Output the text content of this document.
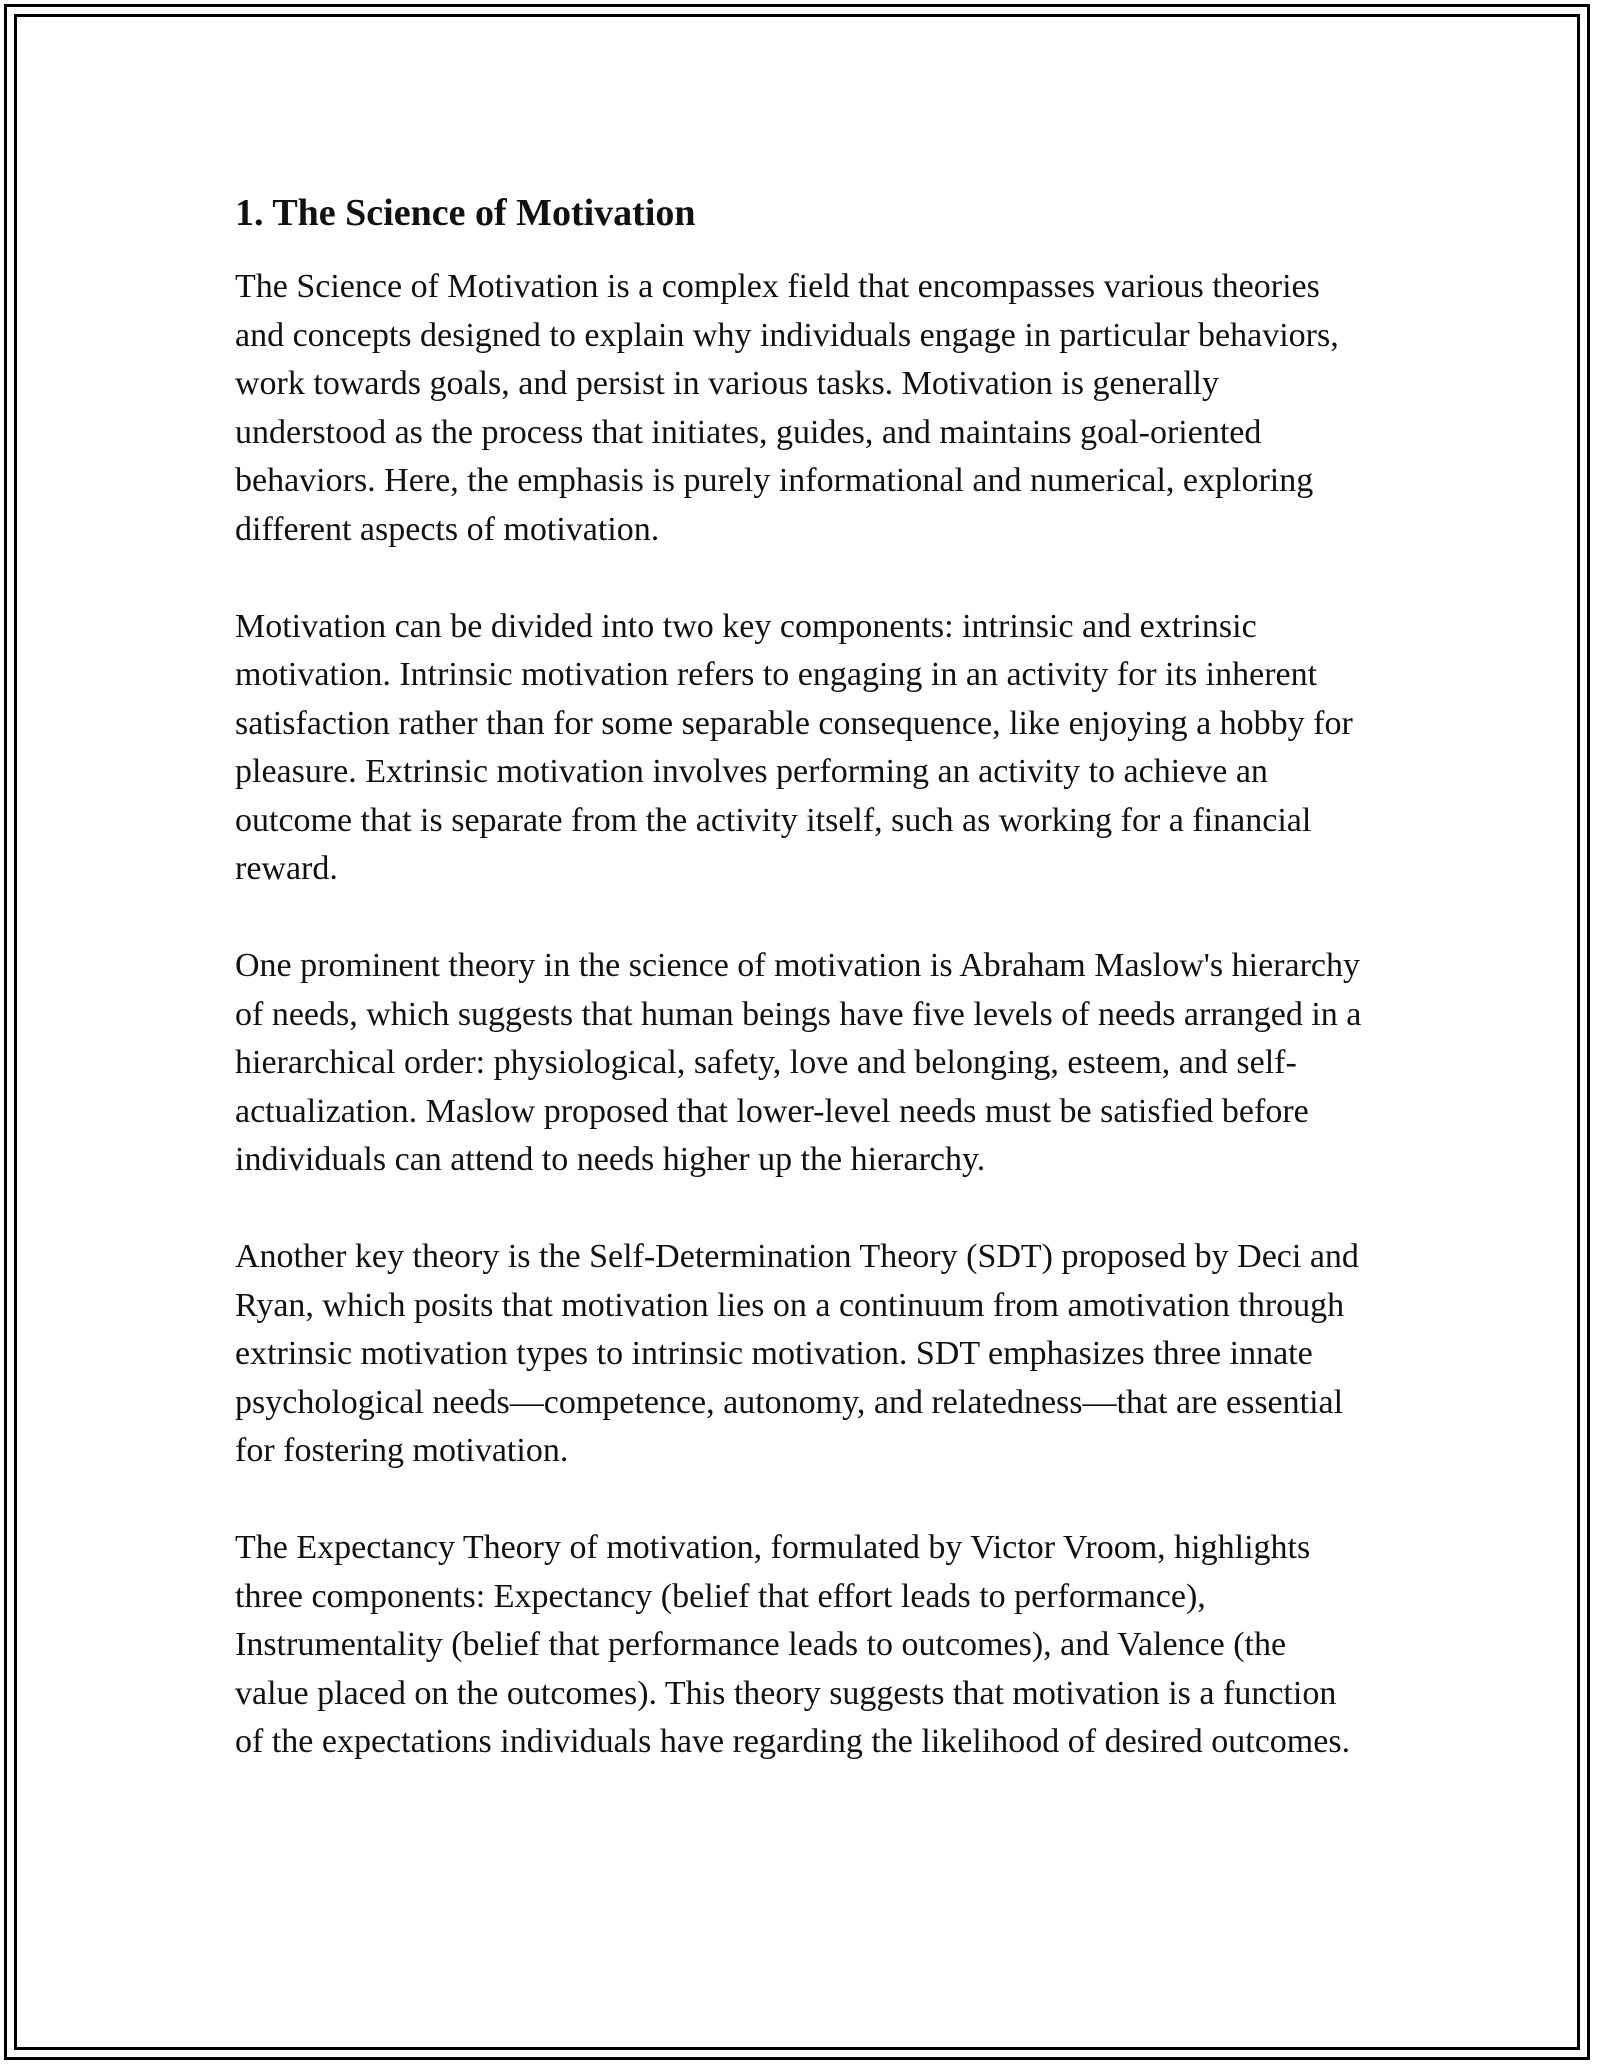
1. The Science of Motivation

The Science of Motivation is a complex field that encompasses various theories and concepts designed to explain why individuals engage in particular behaviors, work towards goals, and persist in various tasks. Motivation is generally understood as the process that initiates, guides, and maintains goal-oriented behaviors. Here, the emphasis is purely informational and numerical, exploring different aspects of motivation.

Motivation can be divided into two key components: intrinsic and extrinsic motivation. Intrinsic motivation refers to engaging in an activity for its inherent satisfaction rather than for some separable consequence, like enjoying a hobby for pleasure. Extrinsic motivation involves performing an activity to achieve an outcome that is separate from the activity itself, such as working for a financial reward.

One prominent theory in the science of motivation is Abraham Maslow's hierarchy of needs, which suggests that human beings have five levels of needs arranged in a hierarchical order: physiological, safety, love and belonging, esteem, and self-actualization. Maslow proposed that lower-level needs must be satisfied before individuals can attend to needs higher up the hierarchy.

Another key theory is the Self-Determination Theory (SDT) proposed by Deci and Ryan, which posits that motivation lies on a continuum from amotivation through extrinsic motivation types to intrinsic motivation. SDT emphasizes three innate psychological needs—competence, autonomy, and relatedness—that are essential for fostering motivation.

The Expectancy Theory of motivation, formulated by Victor Vroom, highlights three components: Expectancy (belief that effort leads to performance), Instrumentality (belief that performance leads to outcomes), and Valence (the value placed on the outcomes). This theory suggests that motivation is a function of the expectations individuals have regarding the likelihood of desired outcomes.
